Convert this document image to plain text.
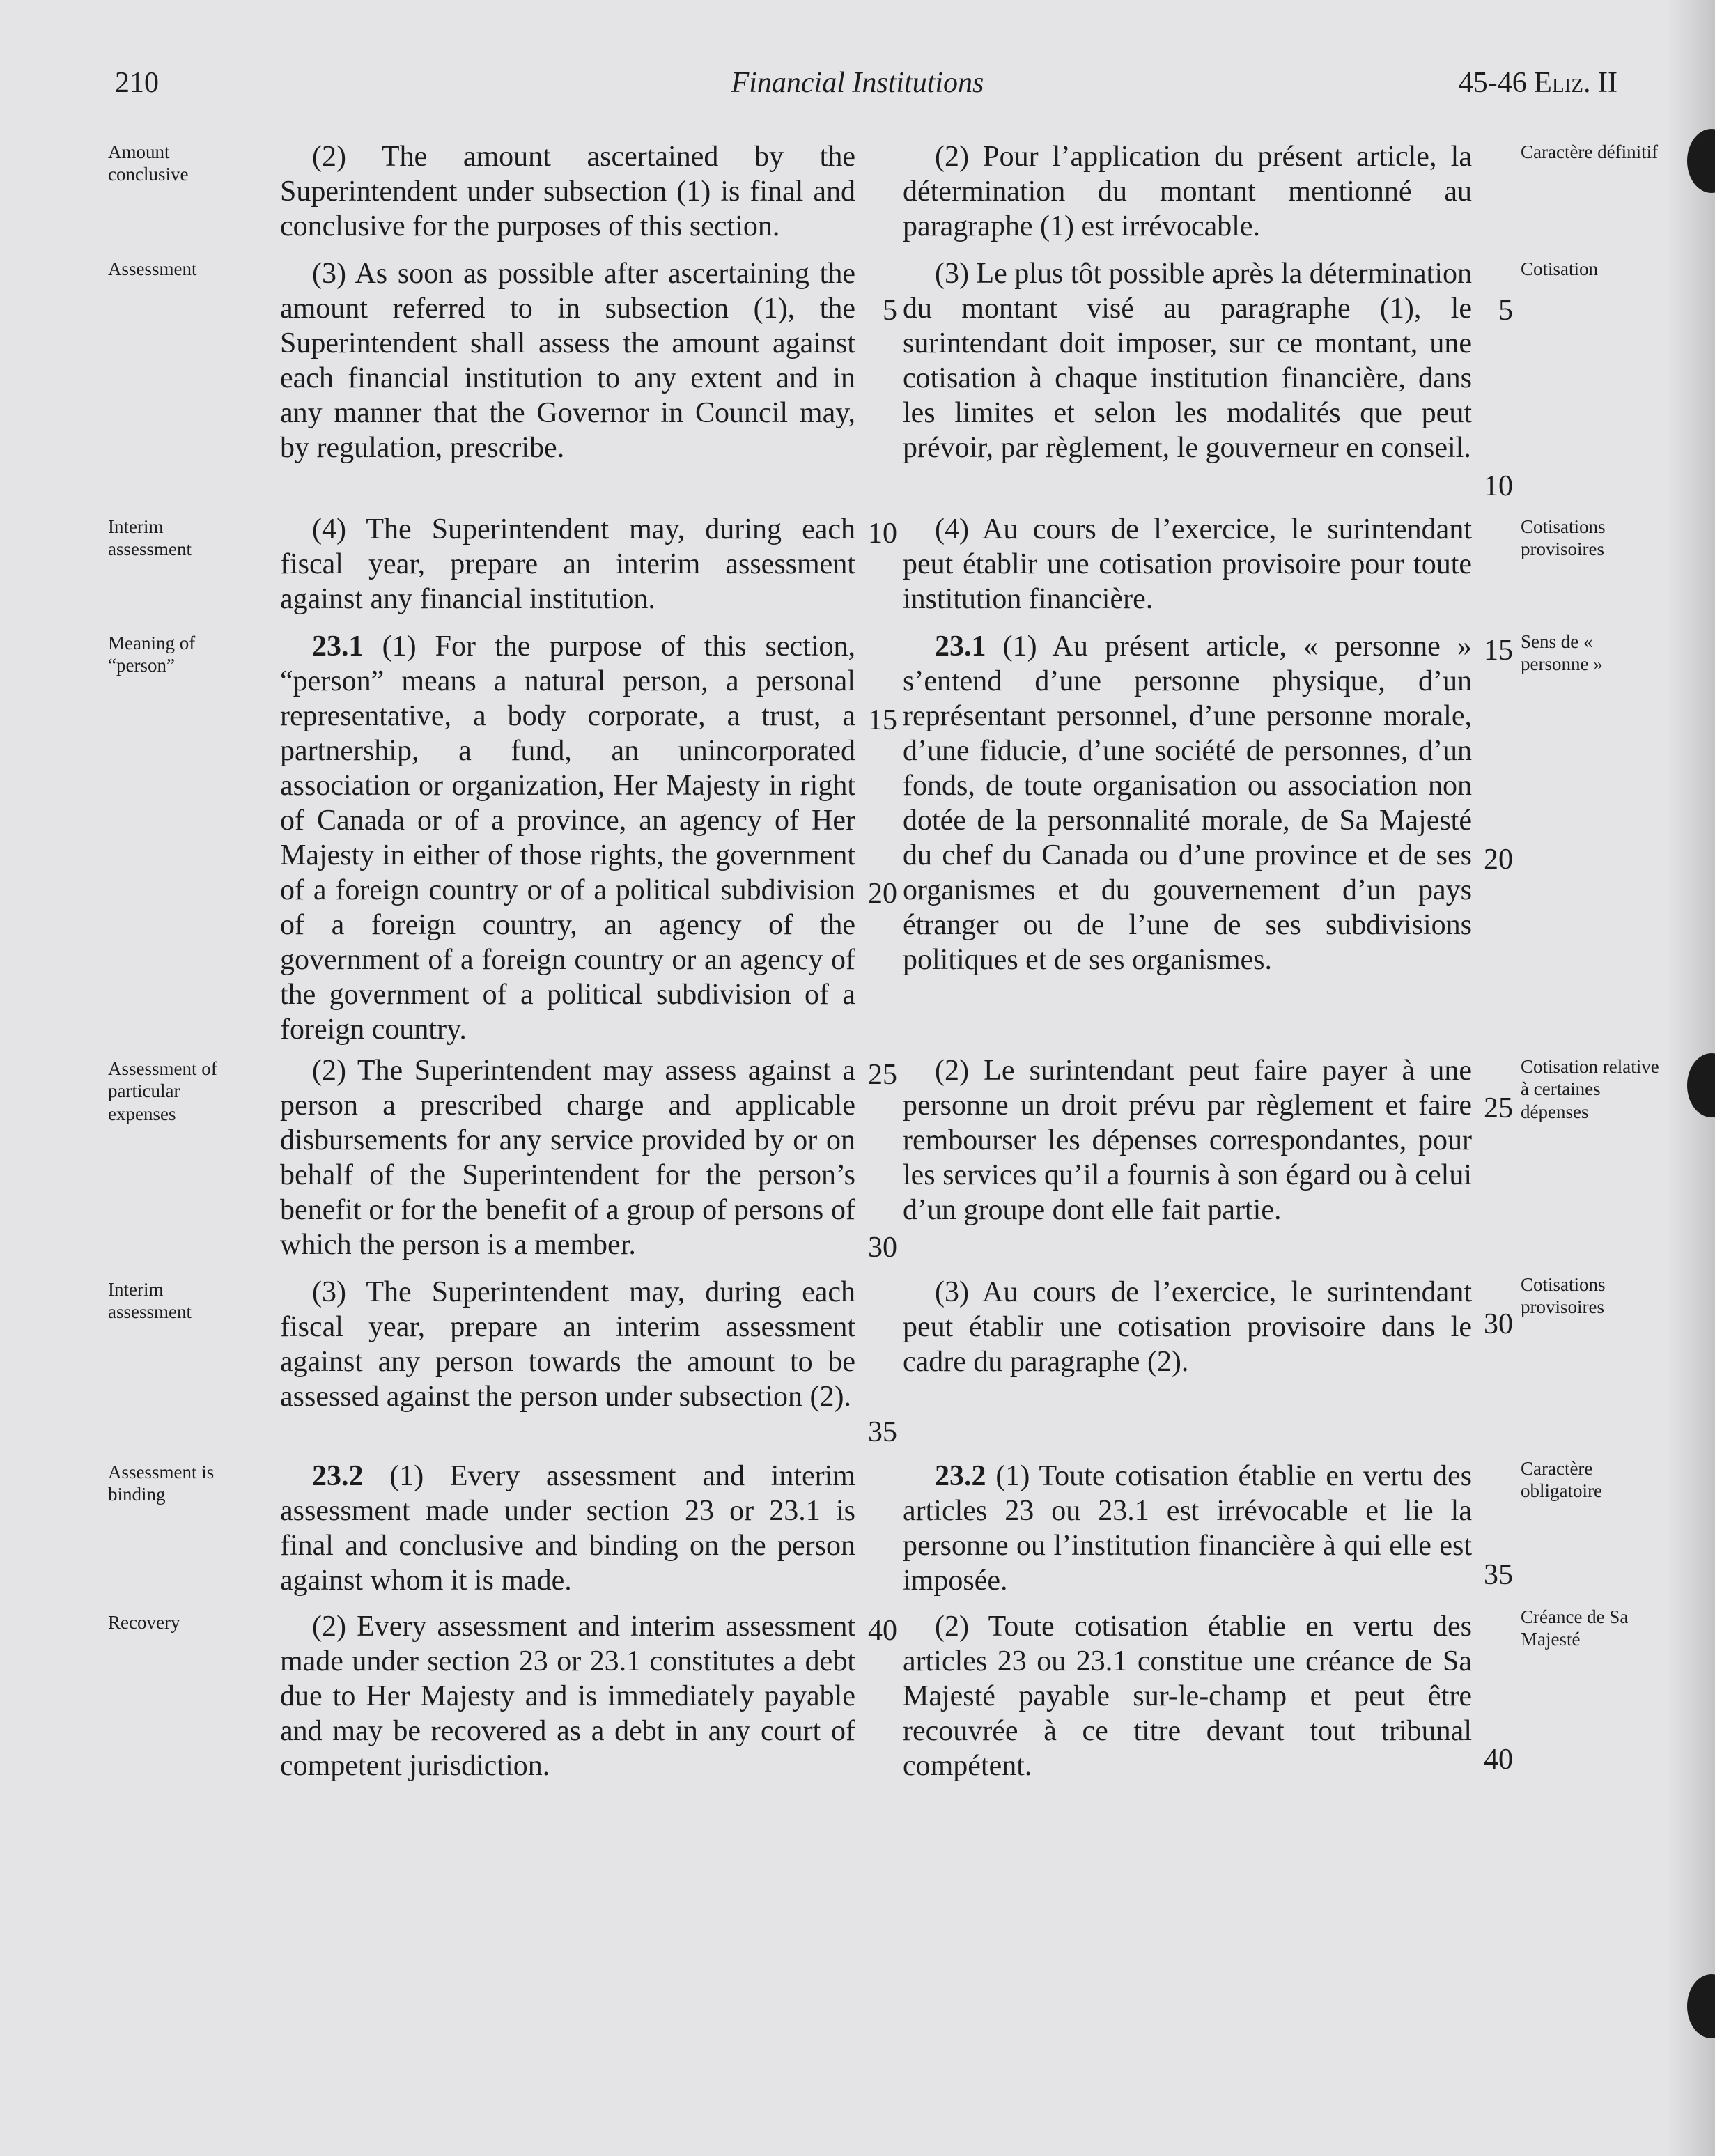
210	Financial Institutions	45-46 Eliz. II
Amount conclusive
Assessment
Interim assessment
Meaning of “person”
Assessment of particular expenses
Interim assessment
Assessment is binding
Recovery
Caractère définitif
Cotisation
Cotisations provisoires
Sens de « personne »
Cotisation relative à certaines dépenses
Cotisations provisoires
Caractère obligatoire
Créance de Sa Majesté

(2) The amount ascertained by the Superintendent under subsection (1) is final and conclusive for the purposes of this section.

(3) As soon as possible after ascertaining the amount referred to in subsection (1), the Superintendent shall assess the amount against each financial institution to any extent and in any manner that the Governor in Council may, by regulation, prescribe.

(4) The Superintendent may, during each fiscal year, prepare an interim assessment against any financial institution.

23.1 (1) For the purpose of this section, “person” means a natural person, a personal representative, a body corporate, a trust, a partnership, a fund, an unincorporated association or organization, Her Majesty in right of Canada or of a province, an agency of Her Majesty in either of those rights, the government of a foreign country or of a political subdivision of a foreign country, an agency of the government of a foreign country or an agency of the government of a political subdivision of a foreign country.

(2) The Superintendent may assess against a person a prescribed charge and applicable disbursements for any service provided by or on behalf of the Superintendent for the person’s benefit or for the benefit of a group of persons of which the person is a member.

(3) The Superintendent may, during each fiscal year, prepare an interim assessment against any person towards the amount to be assessed against the person under subsection (2).

23.2 (1) Every assessment and interim assessment made under section 23 or 23.1 is final and conclusive and binding on the person against whom it is made.

(2) Every assessment and interim assessment made under section 23 or 23.1 constitutes a debt due to Her Majesty and is immediately payable and may be recovered as a debt in any court of competent jurisdiction.

(2) Pour l’application du présent article, la détermination du montant mentionné au paragraphe (1) est irrévocable.

(3) Le plus tôt possible après la détermination du montant visé au paragraphe (1), le surintendant doit imposer, sur ce montant, une cotisation à chaque institution financière, dans les limites et selon les modalités que peut prévoir, par règlement, le gouverneur en conseil.

(4) Au cours de l’exercice, le surintendant peut établir une cotisation provisoire pour toute institution financière.

23.1 (1) Au présent article, « personne » s’entend d’une personne physique, d’un représentant personnel, d’une personne morale, d’une fiducie, d’une société de personnes, d’un fonds, de toute organisation ou association non dotée de la personnalité morale, de Sa Majesté du chef du Canada ou d’une province et de ses organismes et du gouvernement d’un pays étranger ou de l’une de ses subdivisions politiques et de ses organismes.

(2) Le surintendant peut faire payer à une personne un droit prévu par règlement et faire rembourser les dépenses correspondantes, pour les services qu’il a fournis à son égard ou à celui d’un groupe dont elle fait partie.

(3) Au cours de l’exercice, le surintendant peut établir une cotisation provisoire dans le cadre du paragraphe (2).

23.2 (1) Toute cotisation établie en vertu des articles 23 ou 23.1 est irrévocable et lie la personne ou l’institution financière à qui elle est imposée.

(2) Toute cotisation établie en vertu des articles 23 ou 23.1 constitue une créance de Sa Majesté payable sur-le-champ et peut être recouvrée à ce titre devant tout tribunal compétent.

5
10
15
20
25
30
35
40
5
10
15
20
25
30
35
40
